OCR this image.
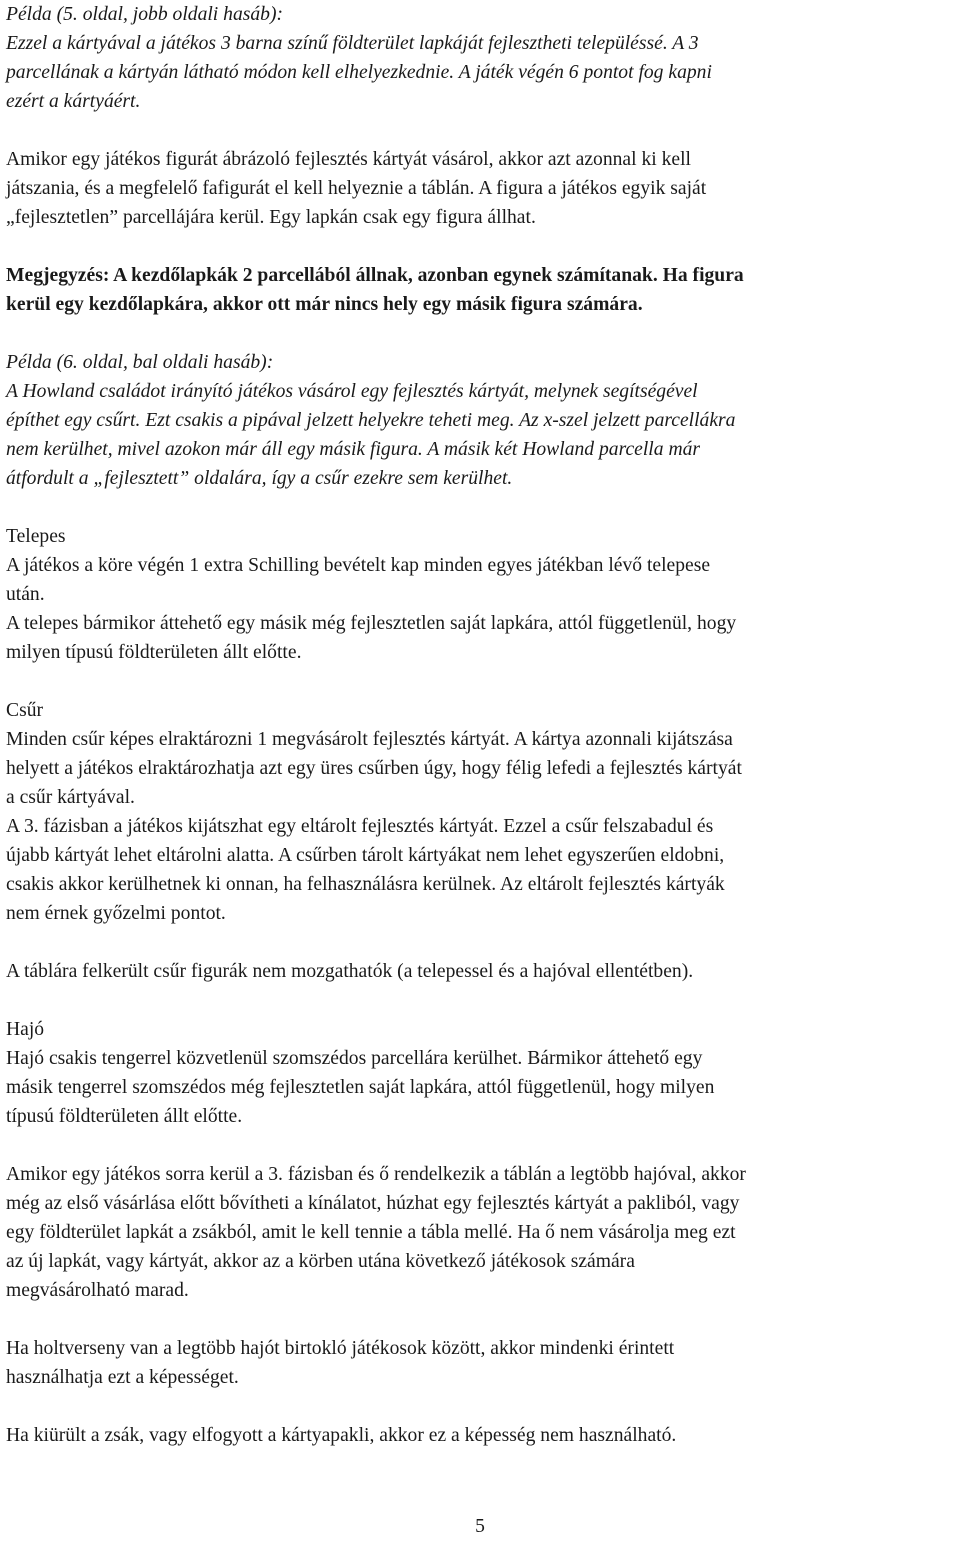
Példa (5. oldal, jobb oldali hasáb):

Ezzel a kártyával a játékos 3 barna színű földterület lapkáját fejlesztheti településsé. A 3
parcellának a kártyán látható módon kell elhelyezkednie. A játék végén 6 pontot fog kapni
ezért a kártyáért.

Amikor egy játékos figurát ábrázoló fejlesztés kártyát vásárol, akkor azt azonnal ki kell
játszania, és a megfelelő fafigurát el kell helyeznie a táblán. A figura a játékos egyik saját
„fejlesztetlen” parcellájára kerül. Egy lapkán csak egy figura állhat.

Megjegyzés: A kezdőlapkák 2 parcellából állnak, azonban egynek számítanak. Ha figura
kerül egy kezdőlapkára, akkor ott már nincs hely egy másik figura számára.

Példa (6. oldal, bal oldali hasáb):

A Howland családot irányító játékos vásárol egy fejlesztés kártyát, melynek segítségével
építhet egy csűrt. Ezt csakis a pipával jelzett helyekre teheti meg. Az x-szel jelzett parcellákra
nem kerülhet, mivel azokon már áll egy másik figura. A másik két Howland parcella már
átfordult a „fejlesztett” oldalára, így a csűr ezekre sem kerülhet.

Telepes

A játékos a köre végén 1 extra Schilling bevételt kap minden egyes játékban lévő telepese
után.

A telepes bármikor áttehető egy másik még fejlesztetlen saját lapkára, attól függetlenül, hogy
milyen típusú földterületen állt előtte.

Csűr

Minden csűr képes elraktározni 1 megvásárolt fejlesztés kártyát. A kártya azonnali kijátszása
helyett a játékos elraktározhatja azt egy üres csűrben úgy, hogy félig lefedi a fejlesztés kártyát
a csűr kártyával.

A 3. fázisban a játékos kijátszhat egy eltárolt fejlesztés kártyát. Ezzel a csűr felszabadul és
újabb kártyát lehet eltárolni alatta. A csűrben tárolt kártyákat nem lehet egyszerűen eldobni,
csakis akkor kerülhetnek ki onnan, ha felhasználásra kerülnek. Az eltárolt fejlesztés kártyák
nem érnek győzelmi pontot.

A táblára felkerült csűr figurák nem mozgathatók (a telepessel és a hajóval ellentétben).

Hajó

Hajó csakis tengerrel közvetlenül szomszédos parcellára kerülhet. Bármikor áttehető egy
másik tengerrel szomszédos még fejlesztetlen saját lapkára, attól függetlenül, hogy milyen
típusú földterületen állt előtte.

Amikor egy játékos sorra kerül a 3. fázisban és ő rendelkezik a táblán a legtöbb hajóval, akkor
még az első vásárlása előtt bővítheti a kínálatot, húzhat egy fejlesztés kártyát a pakliból, vagy
egy földterület lapkát a zsákból, amit le kell tennie a tábla mellé. Ha ő nem vásárolja meg ezt
az új lapkát, vagy kártyát, akkor az a körben utána következő játékosok számára
megvásárolható marad.

Ha holtverseny van a legtöbb hajót birtokló játékosok között, akkor mindenki érintett
használhatja ezt a képességet.

Ha kiürült a zsák, vagy elfogyott a kártyapakli, akkor ez a képesség nem használható.

5
